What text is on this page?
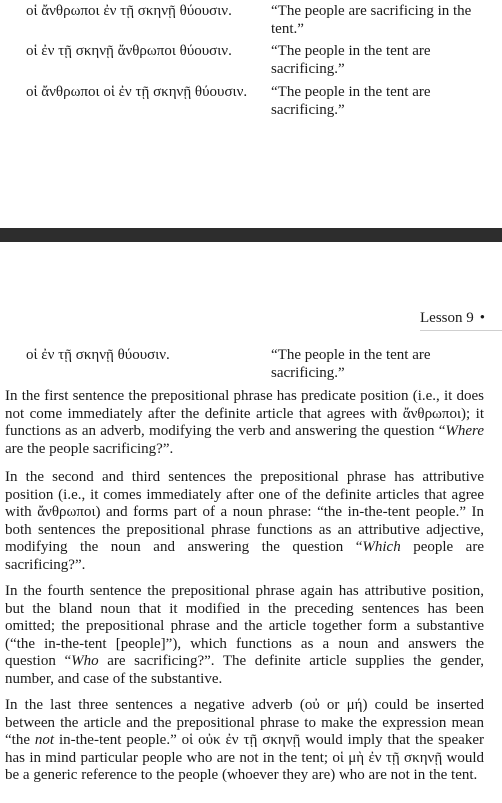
οἱ ἄνθρωποι ἐν τῇ σκηνῇ θύουσιν.	“The people are sacrificing in the tent.”
οἱ ἐν τῇ σκηνῇ ἄνθρωποι θύουσιν.	“The people in the tent are sacrificing.”
οἱ ἄνθρωποι οἱ ἐν τῇ σκηνῇ θύουσιν. “The people in the tent are sacrificing.”
Lesson 9 •
οἱ ἐν τῇ σκηνῇ θύουσιν.	“The people in the tent are sacrificing.”

In the first sentence the prepositional phrase has predicate position (i.e., it does not come immediately after the definite article that agrees with ἄνθρωποι); it functions as an adverb, modifying the verb and answering the question “Where are the people sacrificing?”.

In the second and third sentences the prepositional phrase has attributive position (i.e., it comes immediately after one of the definite articles that agree with ἄνθρωποι) and forms part of a noun phrase: “the in-the-tent people.” In both sentences the prepositional phrase functions as an attributive adjective, modifying the noun and answering the question “Which people are sacrificing?”.

In the fourth sentence the prepositional phrase again has attributive position, but the bland noun that it modified in the preceding sentences has been omitted; the prepositional phrase and the article together form a substantive (“the in-the-tent [people]”), which functions as a noun and answers the question “Who are sacrificing?”. The definite article supplies the gender, number, and case of the substantive.

In the last three sentences a negative adverb (οὐ or μή) could be inserted between the article and the prepositional phrase to make the expression mean “the not in-the-tent people.” οἱ οὐκ ἐν τῇ σκηνῇ would imply that the speaker has in mind particular people who are not in the tent; οἱ μὴ ἐν τῇ σκηνῇ would be a generic reference to the people (whoever they are) who are not in the tent.
